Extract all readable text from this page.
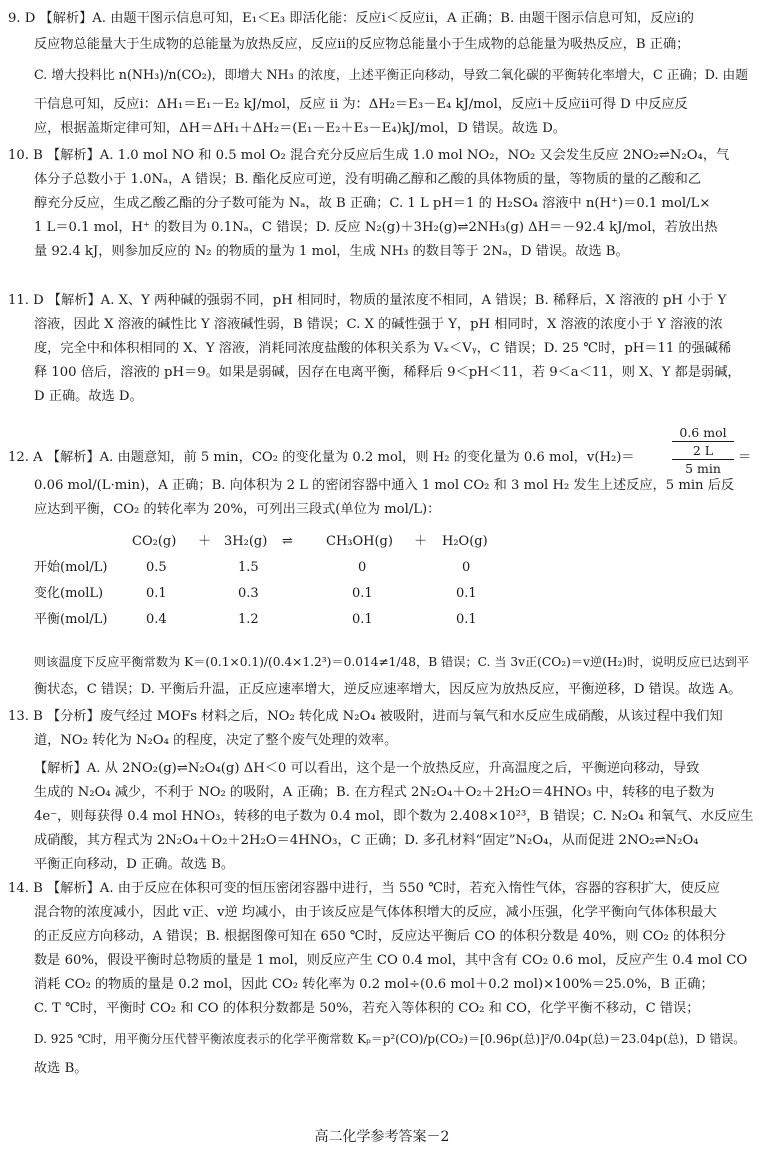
9. D 【解析】A. 由题干图示信息可知，E₁＜E₃ 即活化能：反应ⅰ＜反应ⅱ，A 正确；B. 由题干图示信息可知，反应ⅰ的
反应物总能量大于生成物的总能量为放热反应，反应ⅱ的反应物总能量小于生成物的总能量为吸热反应，B 正确；
C. 增大投料比 n(NH₃)/n(CO₂)，即增大 NH₃ 的浓度，上述平衡正向移动，导致二氧化碳的平衡转化率增大，C 正确；D. 由题
干信息可知，反应ⅰ：ΔH₁＝E₁－E₂ kJ/mol，反应 ii 为：ΔH₂＝E₃－E₄ kJ/mol，反应ⅰ＋反应ⅱ可得 D 中反应反
应，根据盖斯定律可知，ΔH＝ΔH₁＋ΔH₂＝(E₁－E₂＋E₃－E₄)kJ/mol，D 错误。故选 D。
10. B 【解析】A. 1.0 mol NO 和 0.5 mol O₂ 混合充分反应后生成 1.0 mol NO₂，NO₂ 又会发生反应 2NO₂⇌N₂O₄，气
体分子总数小于 1.0Nₐ，A 错误；B. 酯化反应可逆，没有明确乙醇和乙酸的具体物质的量，等物质的量的乙酸和乙
醇充分反应，生成乙酸乙酯的分子数可能为 Nₐ，故 B 正确；C. 1 L pH＝1 的 H₂SO₄ 溶液中 n(H⁺)＝0.1 mol/L×
1 L＝0.1 mol，H⁺ 的数目为 0.1Nₐ，C 错误；D. 反应 N₂(g)＋3H₂(g)⇌2NH₃(g) ΔH＝－92.4 kJ/mol，若放出热
量 92.4 kJ，则参加反应的 N₂ 的物质的量为 1 mol，生成 NH₃ 的数目等于 2Nₐ，D 错误。故选 B。
11. D 【解析】A. X、Y 两种碱的强弱不同，pH 相同时，物质的量浓度不相同，A 错误；B. 稀释后，X 溶液的 pH 小于 Y
溶液，因此 X 溶液的碱性比 Y 溶液碱性弱，B 错误；C. X 的碱性强于 Y，pH 相同时，X 溶液的浓度小于 Y 溶液的浓
度，完全中和体积相同的 X、Y 溶液，消耗同浓度盐酸的体积关系为 Vₓ＜Vᵧ，C 错误；D. 25 ℃时，pH＝11 的强碱稀
释 100 倍后，溶液的 pH＝9。如果是弱碱，因存在电离平衡，稀释后 9＜pH＜11，若 9＜a＜11，则 X、Y 都是弱碱，
D 正确。故选 D。
12. A 【解析】A. 由题意知，前 5 min，CO₂ 的变化量为 0.2 mol，则 H₂ 的变化量为 0.6 mol，v(H₂)＝
0.6 mol
2 L
5 min
＝
0.06 mol/(L·min)，A 正确；B. 向体积为 2 L 的密闭容器中通入 1 mol CO₂ 和 3 mol H₂ 发生上述反应，5 min 后反
应达到平衡，CO₂ 的转化率为 20%，可列出三段式(单位为 mol/L)：
CO₂(g) ＋ 3H₂(g) ⇌	CH₃OH(g) ＋ H₂O(g)
开始(mol/L)	0.5	1.5	0	0
变化(molL)	0.1	0.3	0.1	0.1
平衡(mol/L)	0.4	1.2	0.1	0.1
则该温度下反应平衡常数为 K＝(0.1×0.1)/(0.4×1.2³)＝0.014≠1/48，B 错误；C. 当 3v正(CO₂)＝v逆(H₂)时，说明反应已达到平
衡状态，C 错误；D. 平衡后升温，正反应速率增大，逆反应速率增大，因反应为放热反应，平衡逆移，D 错误。故选 A。
13. B 【分析】废气经过 MOFs 材料之后，NO₂ 转化成 N₂O₄ 被吸附，进而与氧气和水反应生成硝酸，从该过程中我们知
道，NO₂ 转化为 N₂O₄ 的程度，决定了整个废气处理的效率。
【解析】A. 从 2NO₂(g)⇌N₂O₄(g) ΔH＜0 可以看出，这个是一个放热反应，升高温度之后，平衡逆向移动，导致
生成的 N₂O₄ 减少，不利于 NO₂ 的吸附，A 正确；B. 在方程式 2N₂O₄＋O₂＋2H₂O＝4HNO₃ 中，转移的电子数为
4e⁻，则每获得 0.4 mol HNO₃，转移的电子数为 0.4 mol，即个数为 2.408×10²³，B 错误；C. N₂O₄ 和氧气、水反应生
成硝酸，其方程式为 2N₂O₄＋O₂＋2H₂O＝4HNO₃，C 正确；D. 多孔材料“固定”N₂O₄，从而促进 2NO₂⇌N₂O₄
平衡正向移动，D 正确。故选 B。
14. B 【解析】A. 由于反应在体积可变的恒压密闭容器中进行，当 550 ℃时，若充入惰性气体，容器的容积扩大，使反应
混合物的浓度减小，因此 v正、v逆 均减小，由于该反应是气体体积增大的反应，减小压强，化学平衡向气体体积最大
的正反应方向移动，A 错误；B. 根据图像可知在 650 ℃时，反应达平衡后 CO 的体积分数是 40%，则 CO₂ 的体积分
数是 60%，假设平衡时总物质的量是 1 mol，则反应产生 CO 0.4 mol，其中含有 CO₂ 0.6 mol，反应产生 0.4 mol CO
消耗 CO₂ 的物质的量是 0.2 mol，因此 CO₂ 转化率为 0.2 mol÷(0.6 mol＋0.2 mol)×100%＝25.0%，B 正确；
C. T ℃时，平衡时 CO₂ 和 CO 的体积分数都是 50%，若充入等体积的 CO₂ 和 CO，化学平衡不移动，C 错误；
D. 925 ℃时，用平衡分压代替平衡浓度表示的化学平衡常数 Kₚ＝p²(CO)/p(CO₂)＝[0.96p(总)]²/0.04p(总)＝23.04p(总)，D 错误。
故选 B。
高二化学参考答案－2
